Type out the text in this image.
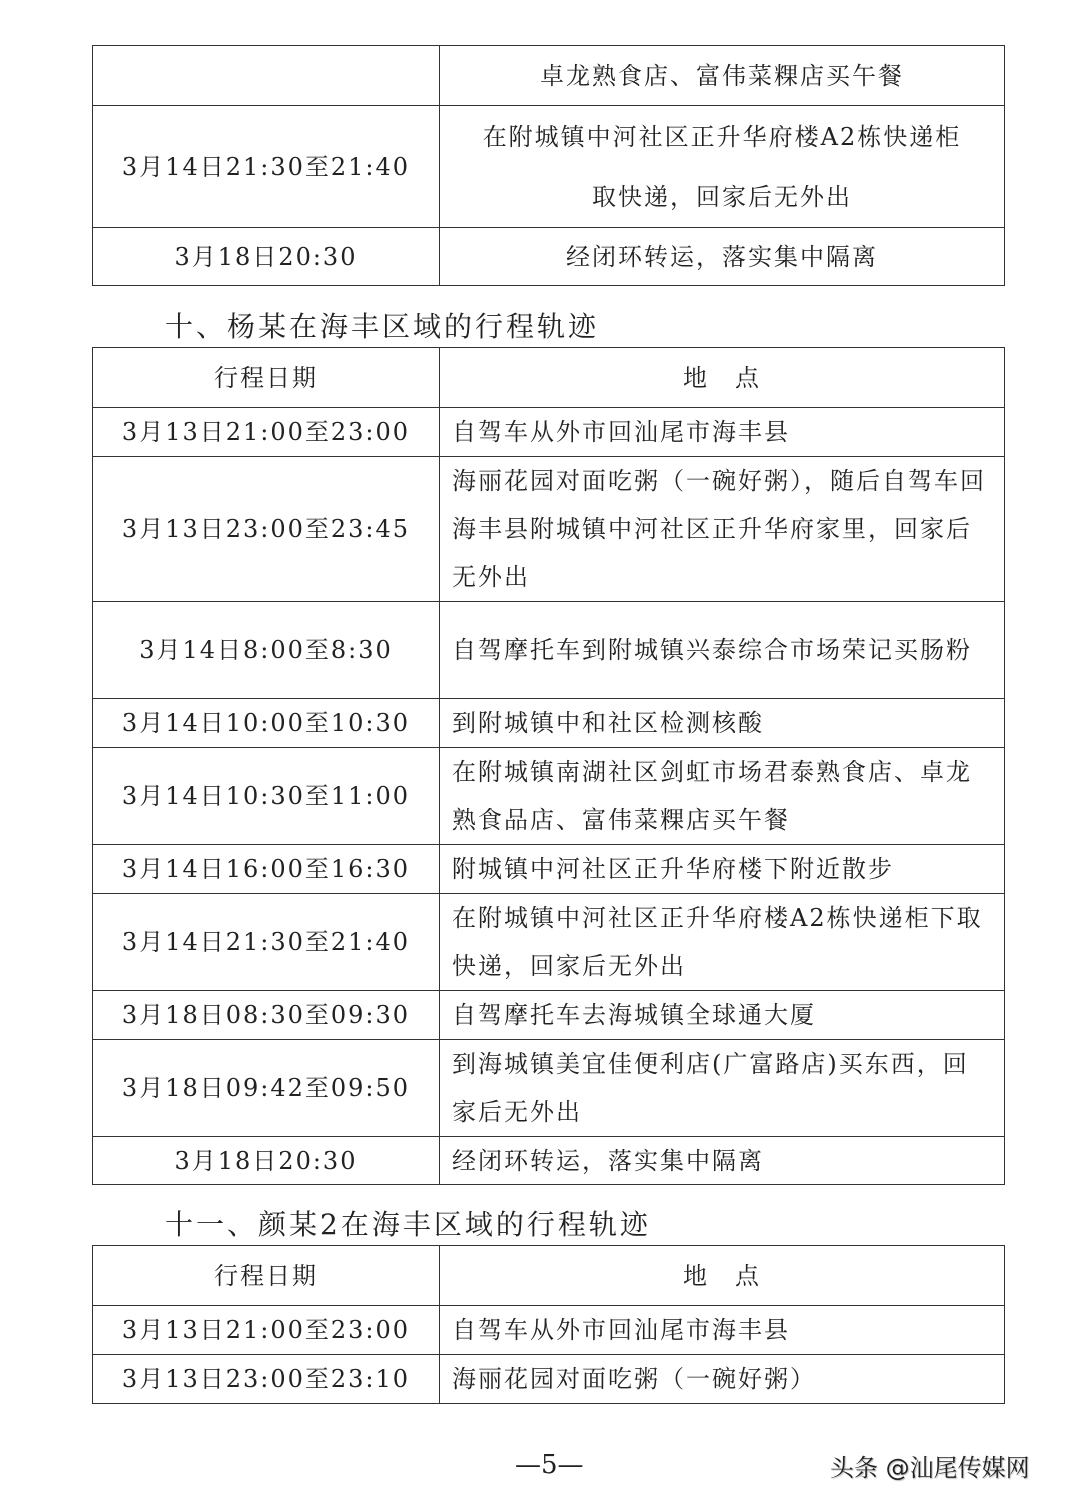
	卓龙熟食店、富伟菜粿店买午餐
3月14日21:30至21:40	在附城镇中河社区正升华府楼A2栋快递柜
取快递，回家后无外出

3月18日20:30	经闭环转运，落实集中隔离
十、杨某在海丰区域的行程轨迹
行程日期	地　点
3月13日21:00至23:00	自驾车从外市回汕尾市海丰县
3月13日23:00至23:45	海丽花园对面吃粥（一碗好粥），随后自驾车回海丰县附城镇中河社区正升华府家里，回家后无外出
3月14日8:00至8:30	自驾摩托车到附城镇兴泰综合市场荣记买肠粉
3月14日10:00至10:30	到附城镇中和社区检测核酸
3月14日10:30至11:00	在附城镇南湖社区剑虹市场君泰熟食店、卓龙熟食品店、富伟菜粿店买午餐
3月14日16:00至16:30	附城镇中河社区正升华府楼下附近散步
3月14日21:30至21:40	在附城镇中河社区正升华府楼A2栋快递柜下取快递，回家后无外出
3月18日08:30至09:30	自驾摩托车去海城镇全球通大厦
3月18日09:42至09:50	到海城镇美宜佳便利店(广富路店)买东西，回家后无外出
3月18日20:30	经闭环转运，落实集中隔离
十一、颜某2在海丰区域的行程轨迹
行程日期	地　点
3月13日21:00至23:00	自驾车从外市回汕尾市海丰县
3月13日23:00至23:10	海丽花园对面吃粥（一碗好粥）
—5—	头条 @汕尾传媒网
